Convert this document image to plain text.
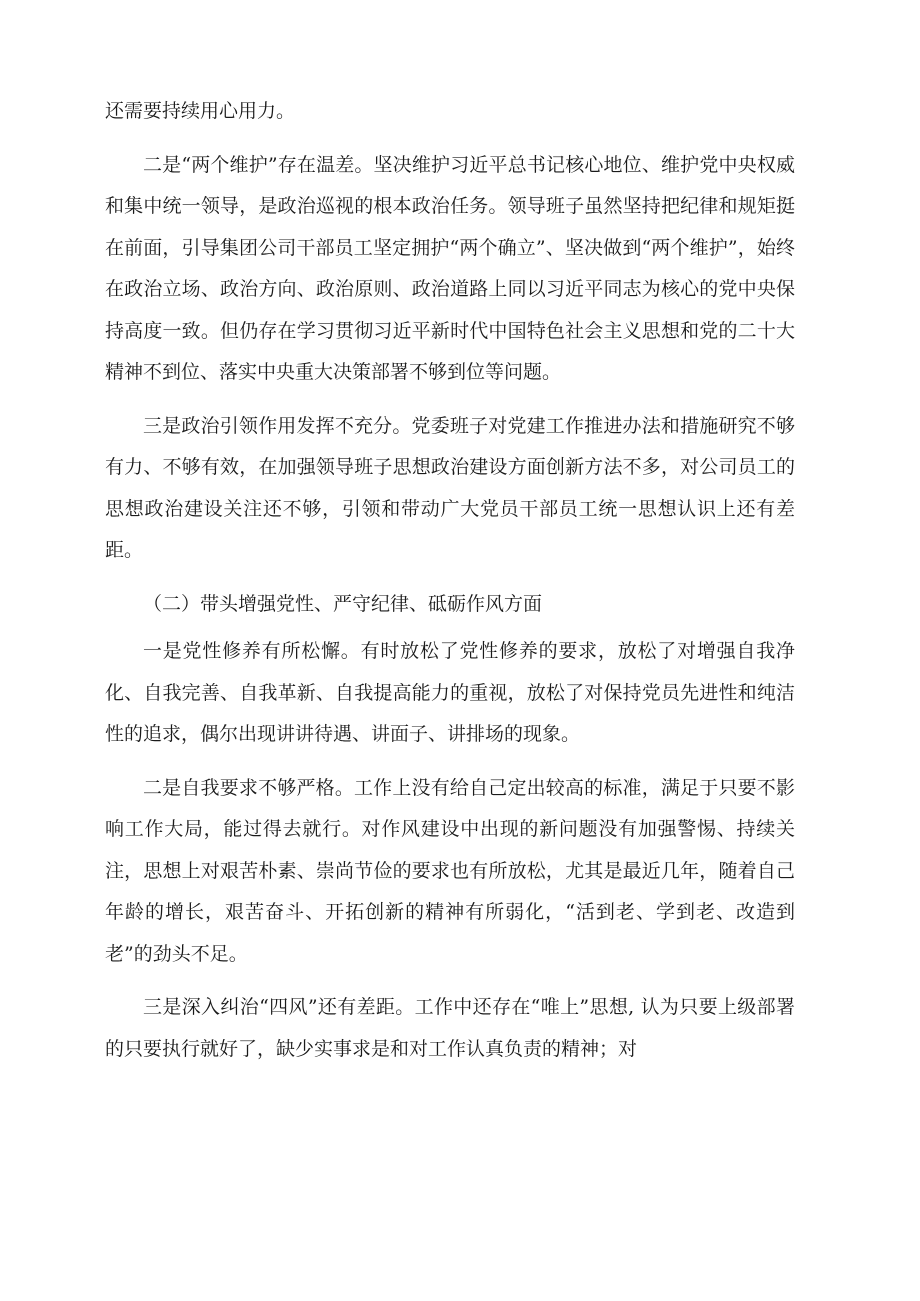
还需要持续用心用力。

二是“两个维护”存在温差。坚决维护习近平总书记核心地位、维护党中央权威和集中统一领导，是政治巡视的根本政治任务。领导班子虽然坚持把纪律和规矩挺在前面，引导集团公司干部员工坚定拥护“两个确立”、坚决做到“两个维护”，始终在政治立场、政治方向、政治原则、政治道路上同以习近平同志为核心的党中央保持高度一致。但仍存在学习贯彻习近平新时代中国特色社会主义思想和党的二十大精神不到位、落实中央重大决策部署不够到位等问题。

三是政治引领作用发挥不充分。党委班子对党建工作推进办法和措施研究不够有力、不够有效，在加强领导班子思想政治建设方面创新方法不多，对公司员工的思想政治建设关注还不够，引领和带动广大党员干部员工统一思想认识上还有差距。

（二）带头增强党性、严守纪律、砥砺作风方面

一是党性修养有所松懈。有时放松了党性修养的要求，放松了对增强自我净化、自我完善、自我革新、自我提高能力的重视，放松了对保持党员先进性和纯洁性的追求，偶尔出现讲讲待遇、讲面子、讲排场的现象。

二是自我要求不够严格。工作上没有给自己定出较高的标准，满足于只要不影响工作大局，能过得去就行。对作风建设中出现的新问题没有加强警惕、持续关注，思想上对艰苦朴素、崇尚节俭的要求也有所放松，尤其是最近几年，随着自己年龄的增长，艰苦奋斗、开拓创新的精神有所弱化，“活到老、学到老、改造到老”的劲头不足。

三是深入纠治“四风”还有差距。工作中还存在“唯上”思想, 认为只要上级部署的只要执行就好了，缺少实事求是和对工作认真负责的精神；对
